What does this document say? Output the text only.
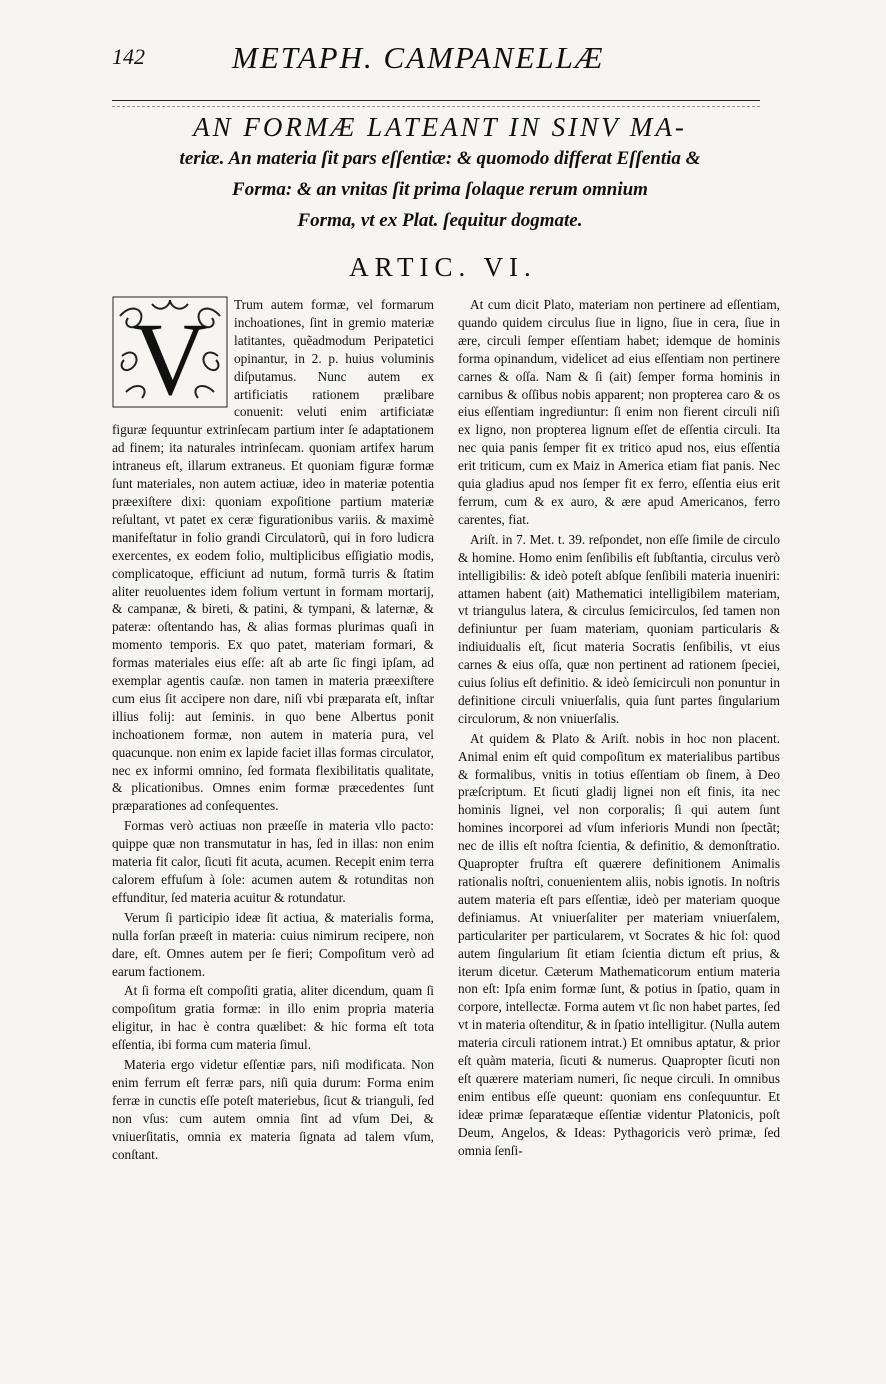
142	METAPH. CAMPANELLÆ
AN FORMÆ LATEANT IN SINV MA-
teriæ. An materia ſit pars eſſentiæ: & quomodo differat Eſſentia &
Forma: & an vnitas ſit prima ſolaque rerum omnium
Forma, vt ex Plat. ſequitur dogmate.
ARTIC. VI.
V	Trum autem formæ, vel formarum inchoationes, ſint in gremio materiæ latitantes, quẽadmodum Peripatetici opinantur, in 2. p. huius voluminis diſputamus. Nunc autem ex artificiatis rationem prælibare conuenit: veluti enim artificiatæ figuræ ſequuntur extrinſecam partium inter ſe adaptationem ad finem; ita naturales intrinſecam. quoniam artifex harum intraneus eſt, illarum extraneus. Et quoniam figuræ formæ ſunt materiales, non autem actiuæ, ideo in materiæ potentia præexiſtere dixi: quoniam expoſitione partium materiæ reſultant, vt patet ex ceræ figurationibus variis. & maximè manifeſtatur in folio grandi Circulatorũ, qui in foro ludicra exercentes, ex eodem folio, multiplicibus eſſigiatio modis, complicatoque, efficiunt ad nutum, formã turris & ſtatim aliter reuoluentes idem folium vertunt in formam mortarij, & campanæ, & bireti, & patini, & tympani, & laternæ, & pateræ: oſtentando has, & alias formas plurimas quaſi in momento temporis. Ex quo patet, materiam formari, & formas materiales eius eſſe: aſt ab arte ſic fingi ipſam, ad exemplar agentis cauſæ. non tamen in materia præexiſtere cum eius ſit accipere non dare, niſi vbi præparata eſt, inſtar illius folij: aut ſeminis. in quo bene Albertus ponit inchoationem formæ, non autem in materia pura, vel quacunque. non enim ex lapide faciet illas formas circulator, nec ex informi omnino, ſed formata flexibilitatis qualitate, & plicationibus. Omnes enim formæ præcedentes ſunt præparationes ad conſequentes.

Formas verò actiuas non præeſſe in materia vllo pacto: quippe quæ non transmutatur in has, ſed in illas: non enim materia fit calor, ſicuti fit acuta, acumen. Recepit enim terra calorem effuſum à ſole: acumen autem & rotunditas non effunditur, ſed materia acuitur & rotundatur.

Verum ſi participio ideæ ſit actiua, & materialis forma, nulla forſan præeſt in materia: cuius nimirum recipere, non dare, eſt. Omnes autem per ſe fieri; Compoſitum verò ad earum factionem.

At ſi forma eſt compoſiti gratia, aliter dicendum, quam ſi compoſitum gratia formæ: in illo enim propria materia eligitur, in hac è contra quælibet: & hic forma eſt tota eſſentia, ibi forma cum materia ſimul.

Materia ergo videtur eſſentiæ pars, niſi modificata. Non enim ferrum eſt ferræ pars, niſi quia durum: Forma enim ferræ in cunctis eſſe poteſt materiebus, ſicut & trianguli, ſed non vſus: cum autem omnia ſint ad vſum Dei, & vniuerſitatis, omnia ex materia ſignata ad talem vſum, conſtant.

At cum dicit Plato, materiam non pertinere ad eſſentiam, quando quidem circulus ſiue in ligno, ſiue in cera, ſiue in ære, circuli ſemper eſſentiam habet; idemque de hominis forma opinandum, videlicet ad eius eſſentiam non pertinere carnes & oſſa. Nam & ſi (ait) ſemper forma hominis in carnibus & oſſibus nobis apparent; non propterea caro & os eius eſſentiam ingrediuntur: ſi enim non fierent circuli niſi ex ligno, non propterea lignum eſſet de eſſentia circuli. Ita nec quia panis ſemper fit ex tritico apud nos, eius eſſentia erit triticum, cum ex Maiz in America etiam fiat panis. Nec quia gladius apud nos ſemper fit ex ferro, eſſentia eius erit ferrum, cum & ex auro, & ære apud Americanos, ferro carentes, fiat.

Ariſt. in 7. Met. t. 39. reſpondet, non eſſe ſimile de circulo & homine. Homo enim ſenſibilis eſt ſubſtantia, circulus verò intelligibilis: & ideò poteſt abſque ſenſibili materia inueniri: attamen habent (ait) Mathematici intelligibilem materiam, vt triangulus latera, & circulus ſemicirculos, ſed tamen non definiuntur per ſuam materiam, quoniam particularis & indiuidualis eſt, ſicut materia Socratis ſenſibilis, vt eius carnes & eius oſſa, quæ non pertinent ad rationem ſpeciei, cuius ſolius eſt definitio. & ideò ſemicirculi non ponuntur in definitione circuli vniuerſalis, quia ſunt partes ſingularium circulorum, & non vniuerſalis.

At quidem & Plato & Ariſt. nobis in hoc non placent. Animal enim eſt quid compoſitum ex materialibus partibus & formalibus, vnitis in totius eſſentiam ob ſinem, à Deo præſcriptum. Et ſicuti gladij lignei non eſt finis, ita nec hominis lignei, vel non corporalis; ſi qui autem ſunt homines incorporei ad vſum inferioris Mundi non ſpectãt; nec de illis eſt noſtra ſcientia, & definitio, & demonſtratio. Quapropter fruſtra eſt quærere definitionem Animalis rationalis noſtri, conuenientem aliis, nobis ignotis. In noſtris autem materia eſt pars eſſentiæ, ideò per materiam quoque definiamus. At vniuerſaliter per materiam vniuerſalem, particulariter per particularem, vt Socrates & hic ſol: quod autem ſingularium ſit etiam ſcientia dictum eſt prius, & iterum dicetur. Cæterum Mathematicorum entium materia non eſt: Ipſa enim formæ ſunt, & potius in ſpatio, quam in corpore, intellectæ. Forma autem vt ſic non habet partes, ſed vt in materia oſtenditur, & in ſpatio intelligitur. (Nulla autem materia circuli rationem intrat.) Et omnibus aptatur, & prior eſt quàm materia, ſicuti & numerus. Quapropter ſicuti non eſt quærere materiam numeri, ſic neque circuli. In omnibus enim entibus eſſe queunt: quoniam ens conſequuntur. Et ideæ primæ ſeparatæque eſſentiæ videntur Platonicis, poſt Deum, Angelos, & Ideas: Pythagoricis verò primæ, ſed omnia ſenſi-
